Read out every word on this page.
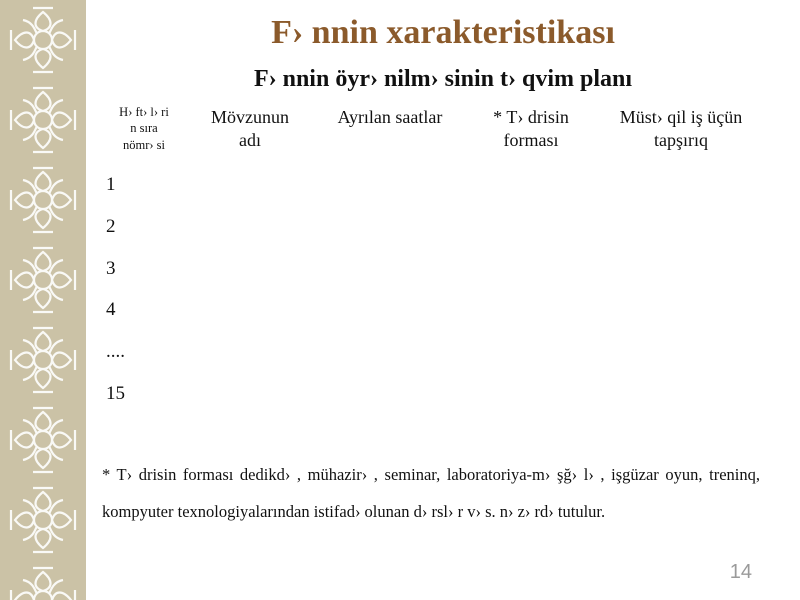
F› nnin xarakteristikası
F› nnin öyr› nilm› sinin t› qvim planı
H› ft› l› ri
n sıra
nömr› si
Mövzunun adı
Ayrılan saatlar	* T› drisin forması
Müst› qil iş üçün tapşırıq
1
2
3
4
....
15
* T› drisin forması dedikd› , mühazir› , seminar, laboratoriya-m› şğ› l› , işgüzar oyun, treninq, kompyuter texnologiyalarından istifad› olunan d› rsl› r v› s. n› z› rd› tutulur.
14
